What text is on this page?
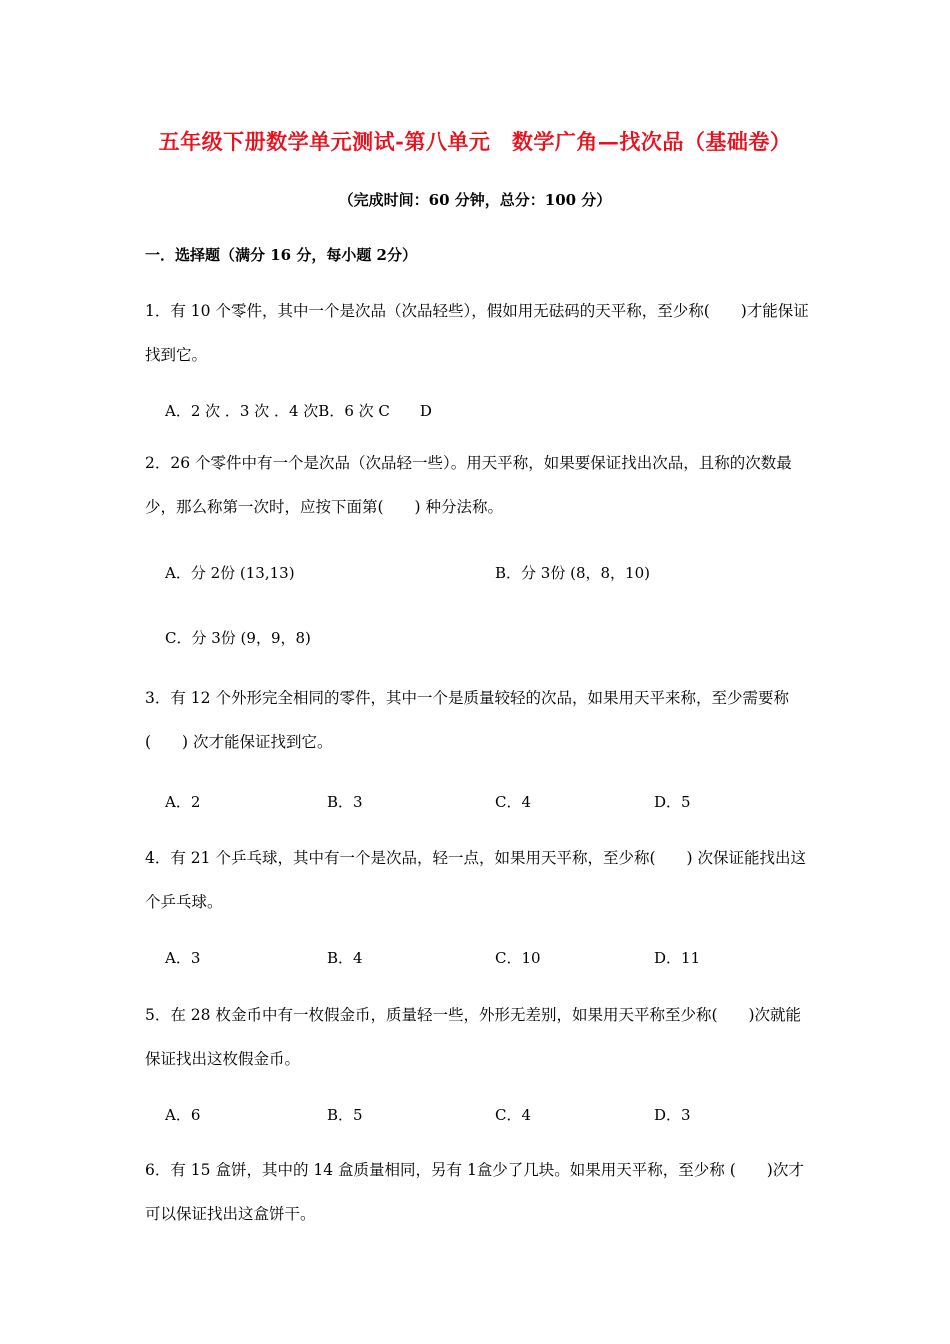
五年级下册数学单元测试-第八单元　数学广角—找次品（基础卷）
（完成时间：60 分钟，总分：100 分）
一．选择题（满分 16 分，每小题 2分）
1．有 10 个零件，其中一个是次品（次品轻些），假如用无砝码的天平称，至少称(　　)才能保证找到它。
A．2 次 ．3 次 ．4 次B．6 次 C　　D
2．26 个零件中有一个是次品（次品轻一些）。用天平称，如果要保证找出次品，且称的次数最少，那么称第一次时，应按下面第(　　) 种分法称。
A．分 2份 (13,13)	B．分 3份 (8，8，10)
C．分 3份 (9，9，8)
3．有 12 个外形完全相同的零件，其中一个是质量较轻的次品，如果用天平来称，至少需要称(　　) 次才能保证找到它。
A．2	B．3	C．4	D．5
4．有 21 个乒乓球，其中有一个是次品，轻一点，如果用天平称，至少称(　　) 次保证能找出这个乒乓球。
A．3	B．4	C．10	D．11
5．在 28 枚金币中有一枚假金币，质量轻一些，外形无差别，如果用天平称至少称(　　)次就能保证找出这枚假金币。
A．6	B．5	C．4	D．3
6．有 15 盒饼，其中的 14 盒质量相同，另有 1盒少了几块。如果用天平称，至少称 (　　)次才可以保证找出这盒饼干。
